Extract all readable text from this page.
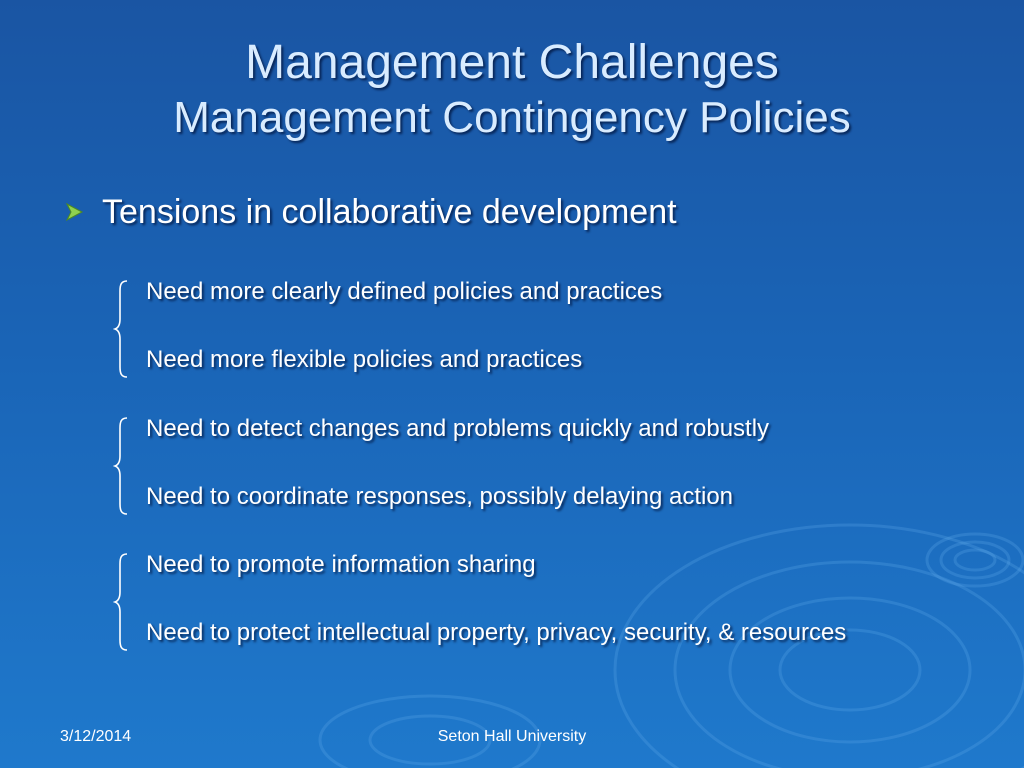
Management Challenges
Management Contingency Policies
Tensions in collaborative development
Need more clearly defined policies and practices
Need more flexible policies and practices
Need to detect changes and problems quickly and robustly
Need to coordinate responses, possibly delaying action
Need to promote information sharing
Need to protect intellectual property, privacy, security, & resources
3/12/2014	Seton Hall University
